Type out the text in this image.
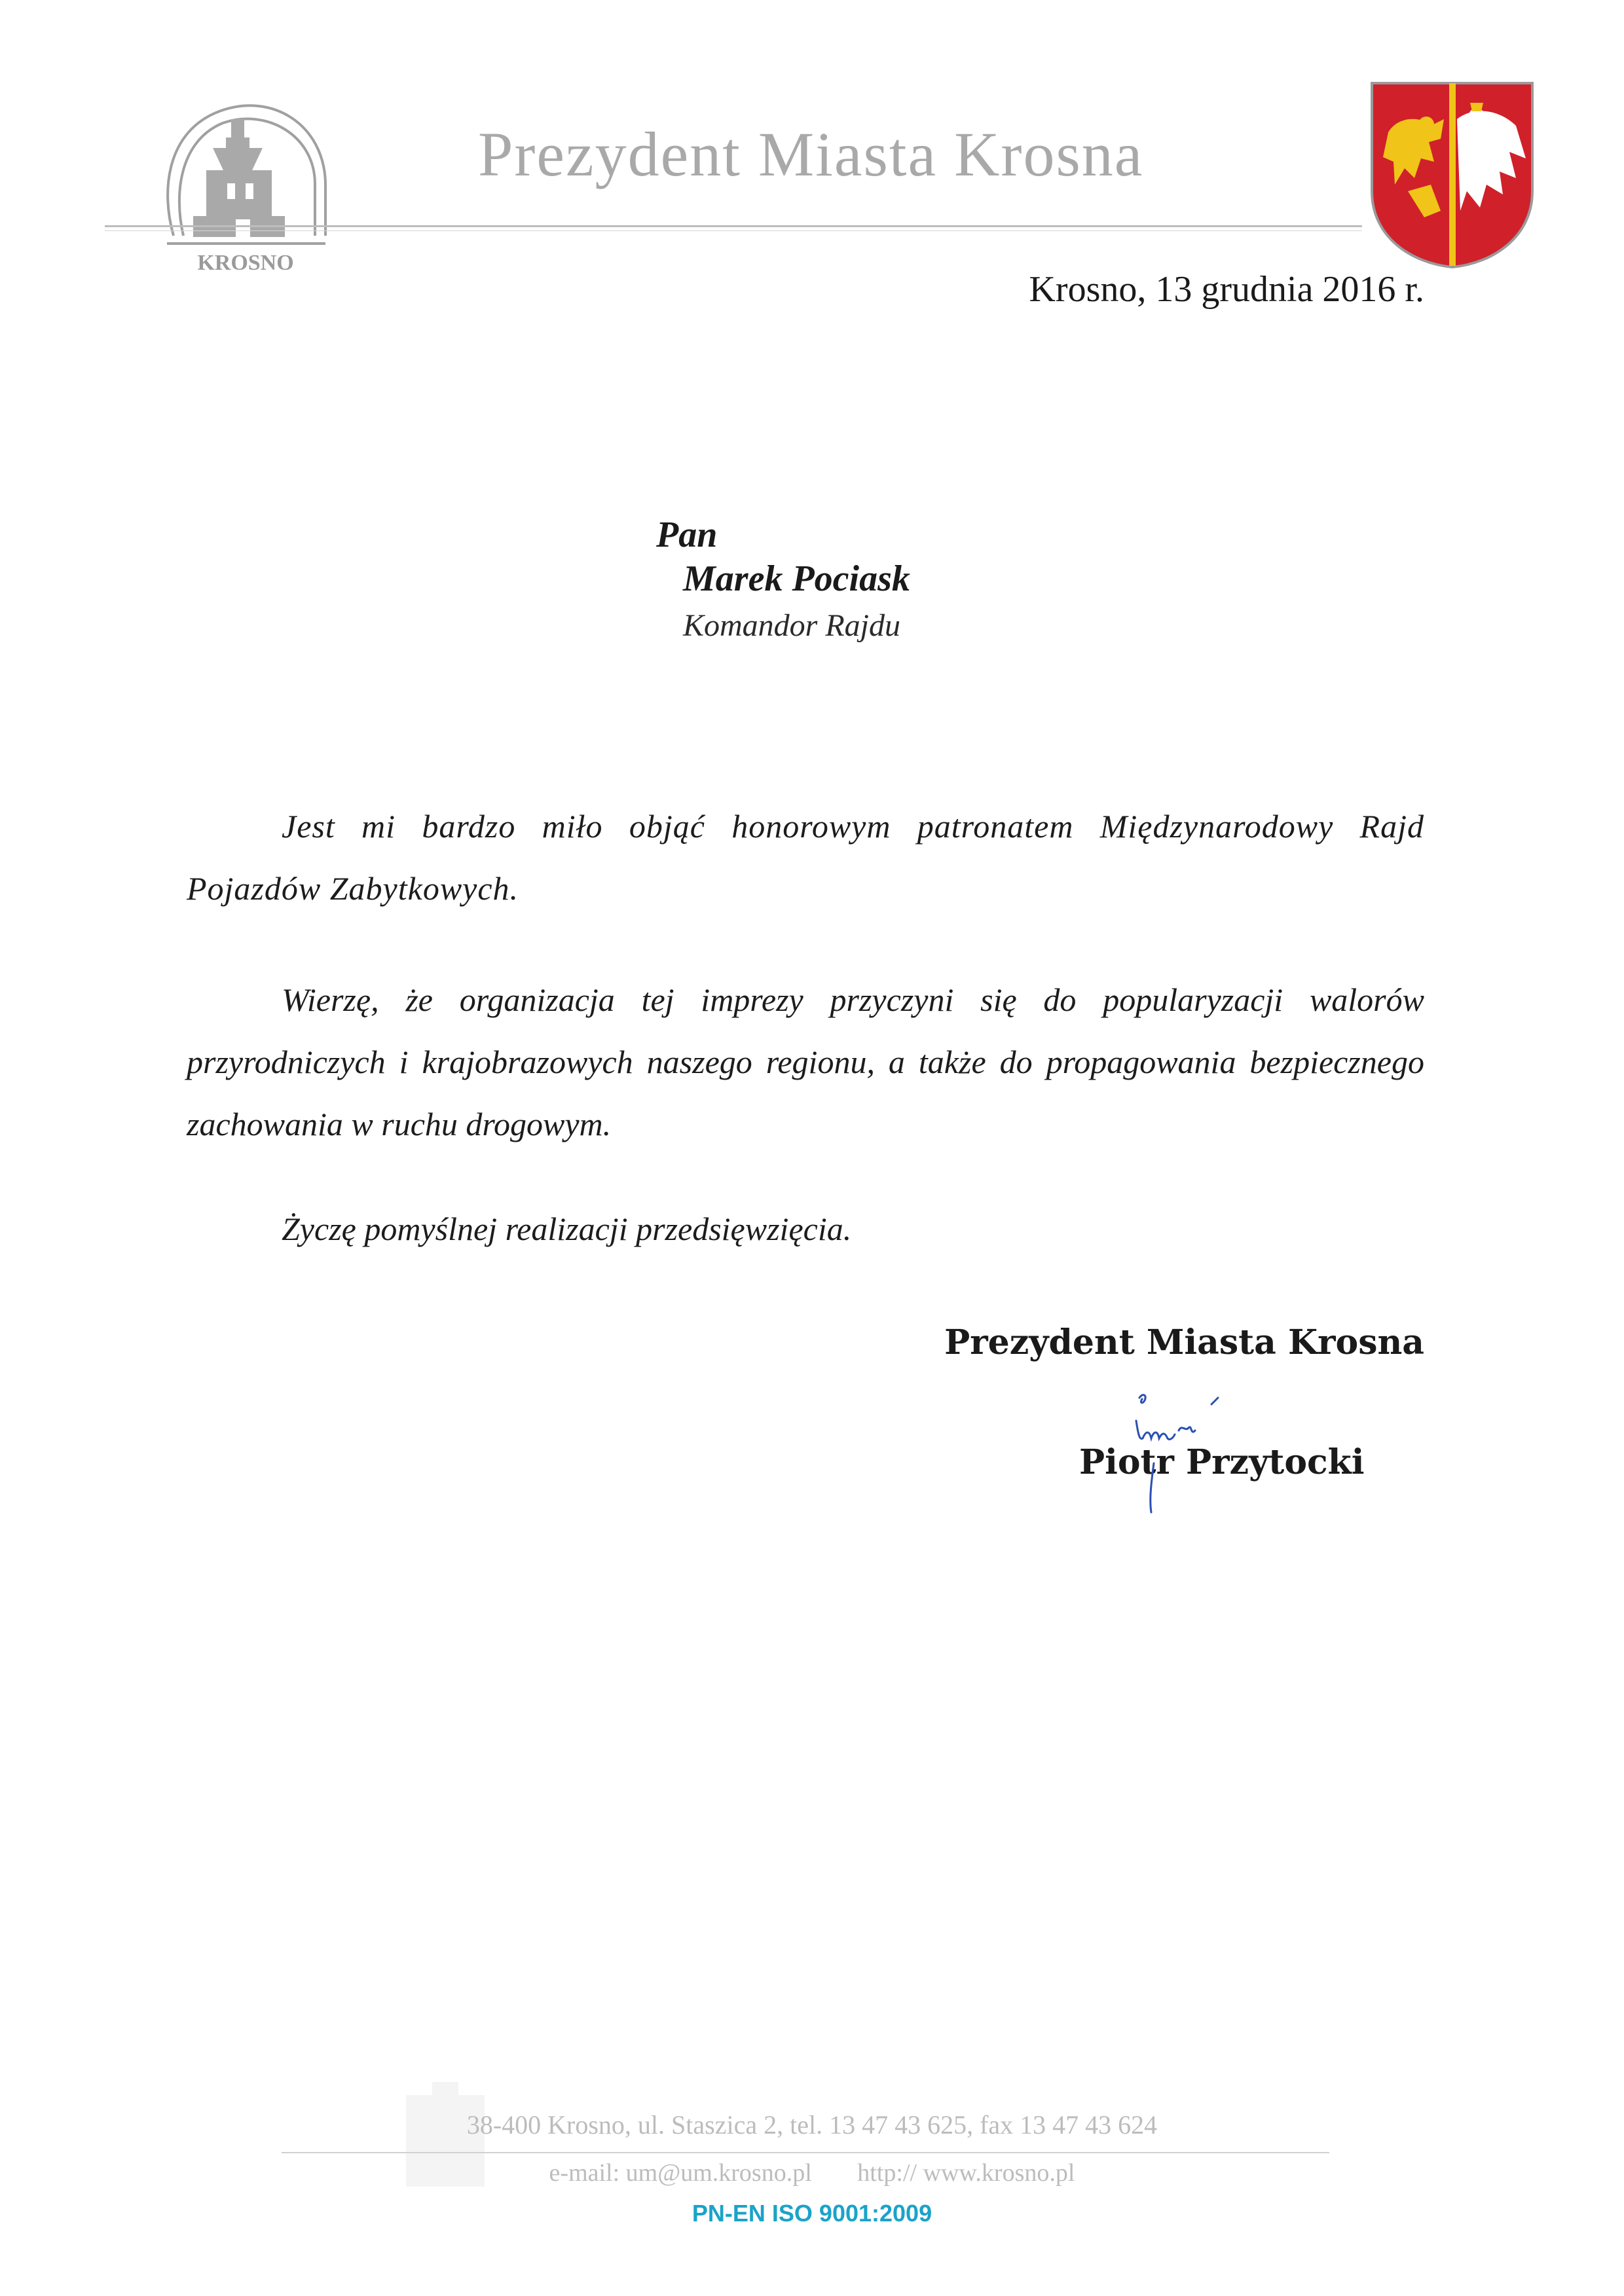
KROSNO
Prezydent Miasta Krosna
Krosno, 13 grudnia 2016 r.
Pan
Marek Pociask
Komandor Rajdu
Jest mi bardzo miło objąć honorowym patronatem Międzynarodowy Rajd Pojazdów Zabytkowych.
Wierzę, że organizacja tej imprezy przyczyni się do popularyzacji walorów przyrodniczych i krajobrazowych naszego regionu, a także do propagowania bezpiecznego zachowania w ruchu drogowym.
Życzę pomyślnej realizacji przedsięwzięcia.
Prezydent Miasta Krosna
Piotr Przytocki
38-400 Krosno, ul. Staszica 2, tel. 13 47 43 625, fax 13 47 43 624
e-mail: um@um.krosno.pl http:// www.krosno.pl
PN-EN ISO 9001:2009
